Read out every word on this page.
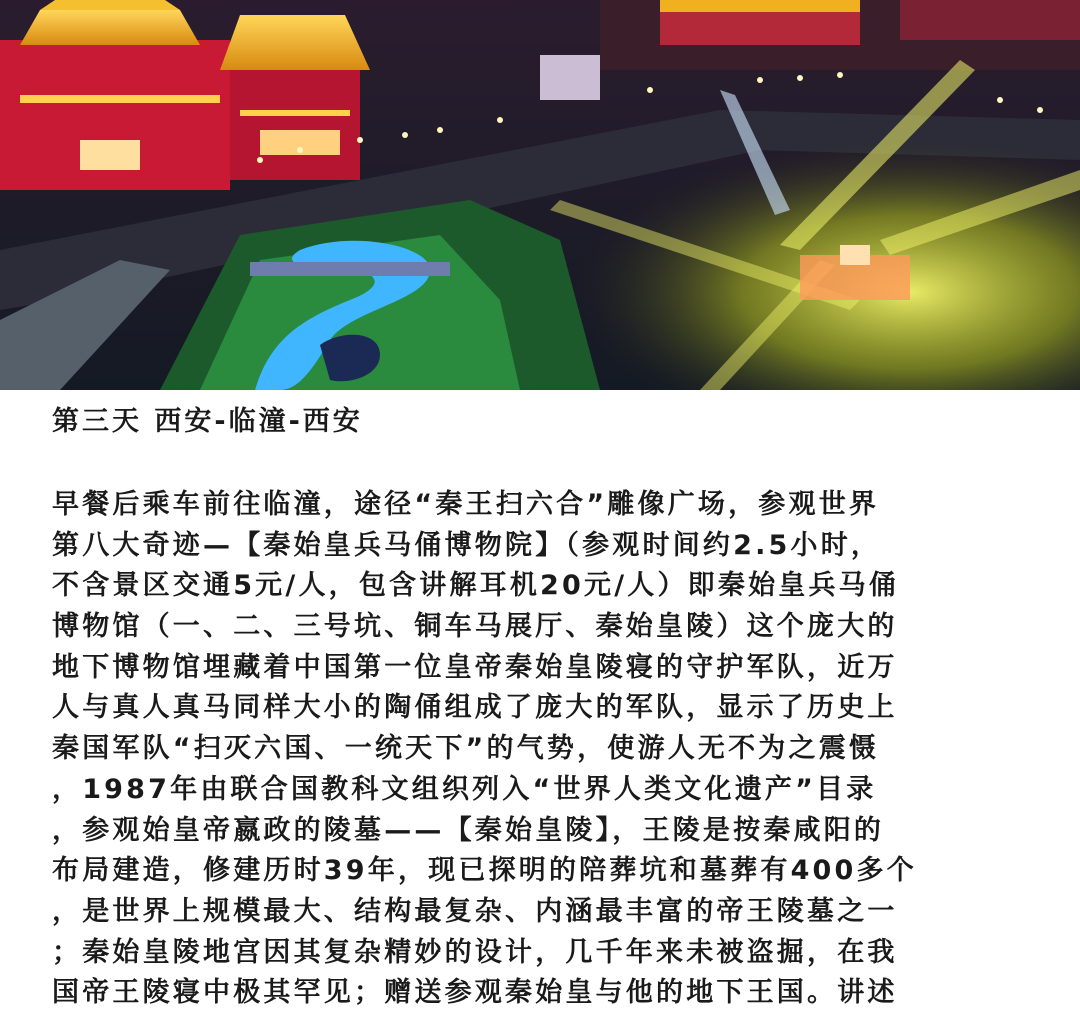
第三天 西安-临潼-西安
早餐后乘车前往临潼，途径“秦王扫六合”雕像广场，参观世界
第八大奇迹—【秦始皇兵马俑博物院】（参观时间约2.5小时，
不含景区交通5元/人，包含讲解耳机20元/人）即秦始皇兵马俑
博物馆（一、二、三号坑、铜车马展厅、秦始皇陵）这个庞大的
地下博物馆埋藏着中国第一位皇帝秦始皇陵寝的守护军队，近万
人与真人真马同样大小的陶俑组成了庞大的军队，显示了历史上
秦国军队“扫灭六国、一统天下”的气势，使游人无不为之震慑
，1987年由联合国教科文组织列入“世界人类文化遗产”目录
，参观始皇帝嬴政的陵墓——【秦始皇陵】，王陵是按秦咸阳的
布局建造，修建历时39年，现已探明的陪葬坑和墓葬有400多个
，是世界上规模最大、结构最复杂、内涵最丰富的帝王陵墓之一
；秦始皇陵地宫因其复杂精妙的设计，几千年来未被盗掘，在我
国帝王陵寝中极其罕见；赠送参观秦始皇与他的地下王国。讲述
